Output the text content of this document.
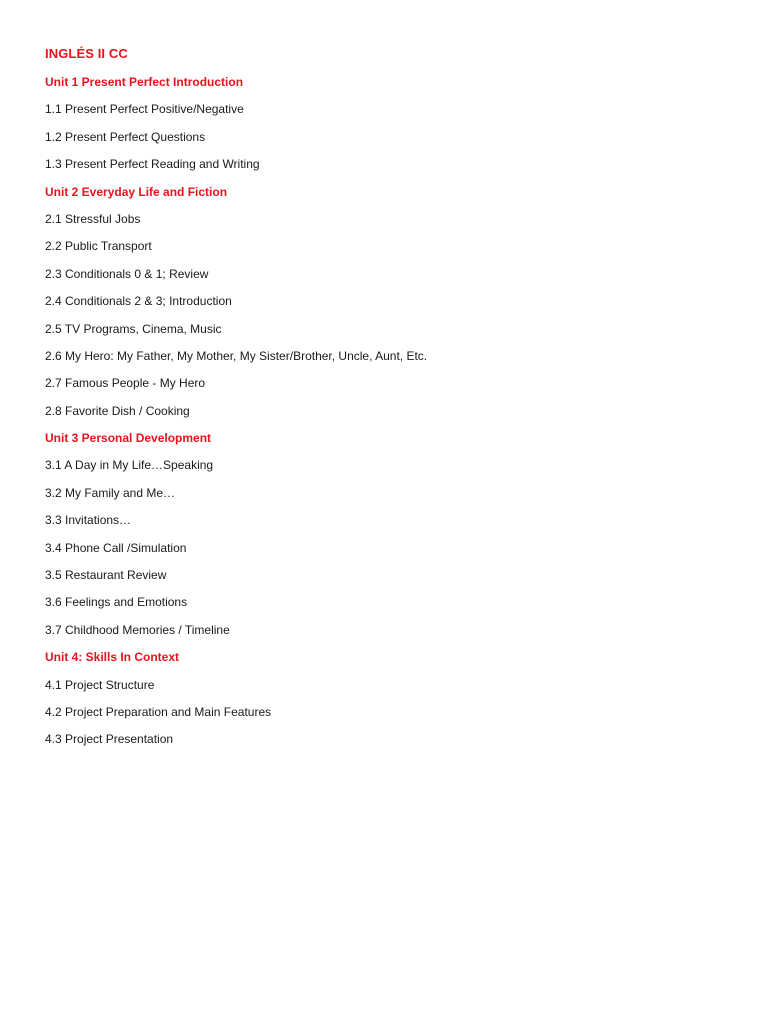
INGLÉS II CC
Unit 1 Present Perfect Introduction
1.1 Present Perfect Positive/Negative
1.2 Present Perfect Questions
1.3 Present Perfect Reading and Writing
Unit 2 Everyday Life and Fiction
2.1 Stressful Jobs
2.2 Public Transport
2.3 Conditionals 0 & 1; Review
2.4 Conditionals 2 & 3; Introduction
2.5 TV Programs, Cinema, Music
2.6 My Hero: My Father, My Mother, My Sister/Brother, Uncle, Aunt, Etc.
2.7 Famous People - My Hero
2.8 Favorite Dish / Cooking
Unit 3 Personal Development
3.1 A Day in My Life…Speaking
3.2 My Family and Me…
3.3 Invitations…
3.4 Phone Call /Simulation
3.5 Restaurant Review
3.6 Feelings and Emotions
3.7 Childhood Memories / Timeline
Unit 4: Skills In Context
4.1 Project Structure
4.2 Project Preparation and Main Features
4.3 Project Presentation
